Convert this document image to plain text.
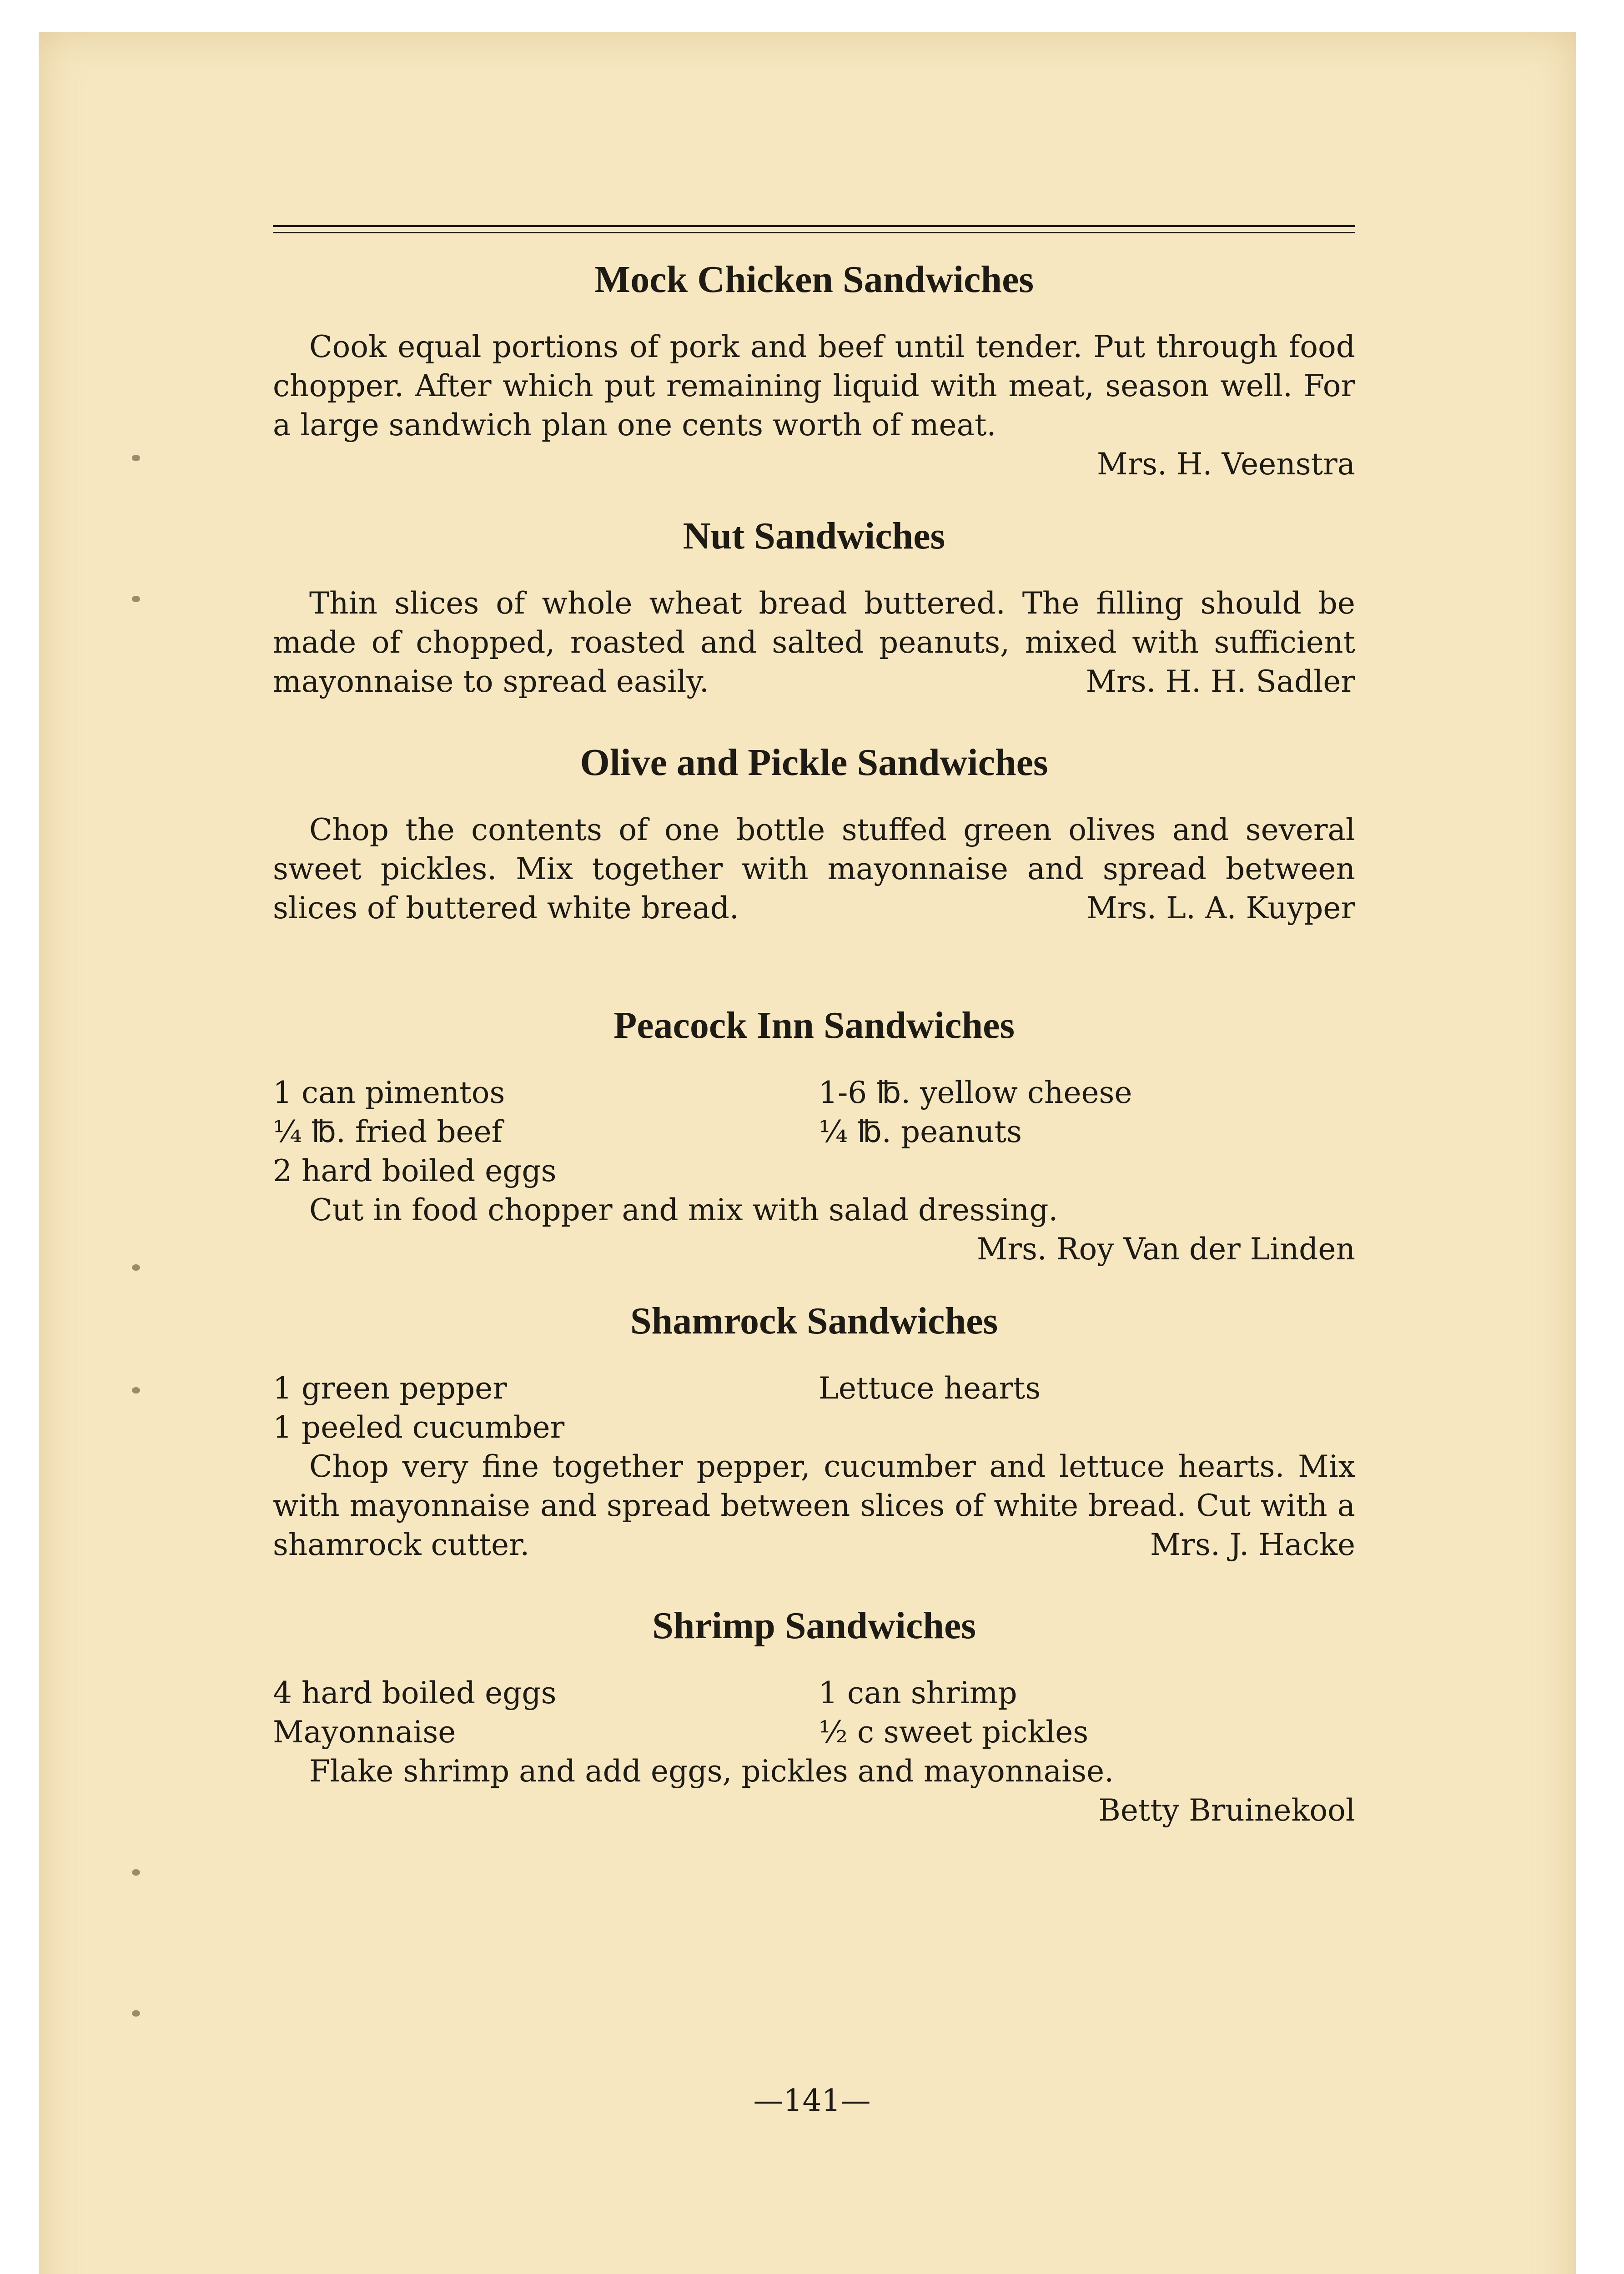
Mock Chicken Sandwiches

Cook equal portions of pork and beef until tender. Put through food chopper. After which put remaining liquid with meat, season well. For a large sandwich plan one cents worth of meat.

Mrs. H. Veenstra

Nut Sandwiches

Thin slices of whole wheat bread buttered. The filling should be made of chopped, roasted and salted peanuts, mixed with sufficient mayonnaise to spread easily.	Mrs. H. H. Sadler

Olive and Pickle Sandwiches

Chop the contents of one bottle stuffed green olives and several sweet pickles. Mix together with mayonnaise and spread between slices of buttered white bread.	Mrs. L. A. Kuyper

Peacock Inn Sandwiches
1 can pimentos	1-6 ℔. yellow cheese
¼ ℔. fried beef	¼ ℔. peanuts
2 hard boiled eggs

Cut in food chopper and mix with salad dressing.

Mrs. Roy Van der Linden

Shamrock Sandwiches
1 green pepper	Lettuce hearts
1 peeled cucumber

Chop very fine together pepper, cucumber and lettuce hearts. Mix with mayonnaise and spread between slices of white bread. Cut with a shamrock cutter.	Mrs. J. Hacke

Shrimp Sandwiches
4 hard boiled eggs	1 can shrimp
Mayonnaise	½ c sweet pickles

Flake shrimp and add eggs, pickles and mayonnaise.

Betty Bruinekool

—141—
